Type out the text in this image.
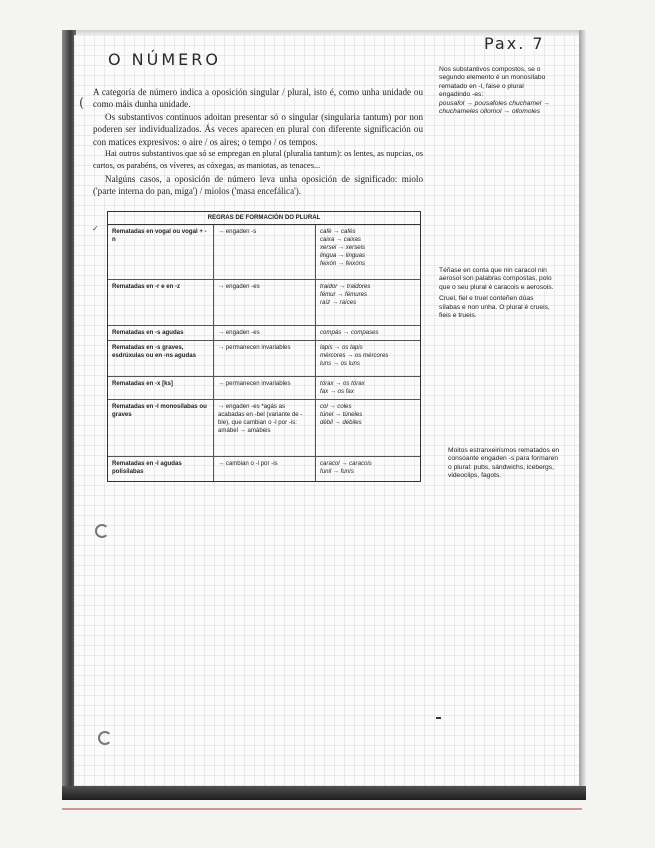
O NÚMERO
Pax. 7
(

A categoría de número indica a oposición singular / plural, isto é, como unha unidade ou como máis dunha unidade.

Os substantivos continuos adoitan presentar só o singular (singularia tantum) por non poderen ser individualizados. Ás veces aparecen en plural con diferente significación ou con matices expresivos: o aire / os aires; o tempo / os tempos.

Hai outros substantivos que só se empregan en plural (pluralia tantum): os lentes, as nupcias, os cartos, os parabéns, os víveres, as cóxegas, as maniotas, as tenaces...

Nalgúns casos, a oposición de número leva unha oposición de significado: miolo ('parte interna do pan, miga') / miolos ('masa encefálica').

✓
REGRAS DE FORMACIÓN DO PLURAL		
Rematadas en vogal ou vogal + -n	→ engaden -s	café → cafés
caixa → caixas
xersei → xerseis
lingua → linguas
feixón → feixóns

Rematadas en -r e en -z	→ engaden -es	traidor → traidores
fémur → fémures
raíz → raíces

Rematadas en -s agudas	→ engaden -es	compás → compases

Rematadas en -s graves, esdrúxulas ou en -ns agudas	→ permanecen invariables	lapis → os lapis
mércores → os mércores
luns → os luns

Rematadas en -x [ks]	→ permanecen invariables	tórax → os tórax
fax → os fax

Rematadas en -l monosílabas ou graves	→ engaden -es *agás as acabadas en -bel (variante de -ble), que cambian o -l por -is: amábel → amábeis	col → coles
túnel → túneles
débil → débiles

Rematadas en -l agudas polisílabas	→ cambian o -l por -is	caracol → caracois
funil → funís
Nos substantivos compostos, se o segundo elemento é un monosílabo rematado en -l, faise o plural engadindo -es:
pousafol → pousafoles chuchamel → chuchameles ollomol → ollomoles
Téñase en conta que nin caracol nin aerosol son palabras compostas, polo que o seu plural é caracois e aerosois.
Cruel, fiel e truel conteñen dúas sílabas e non unha. O plural é crueis, fieis e trueis.
Moitos estranxeirismos rematados en consoante engaden -s para formaren o plural: pubs, sándwichs, icebergs, videoclips, fagots.
